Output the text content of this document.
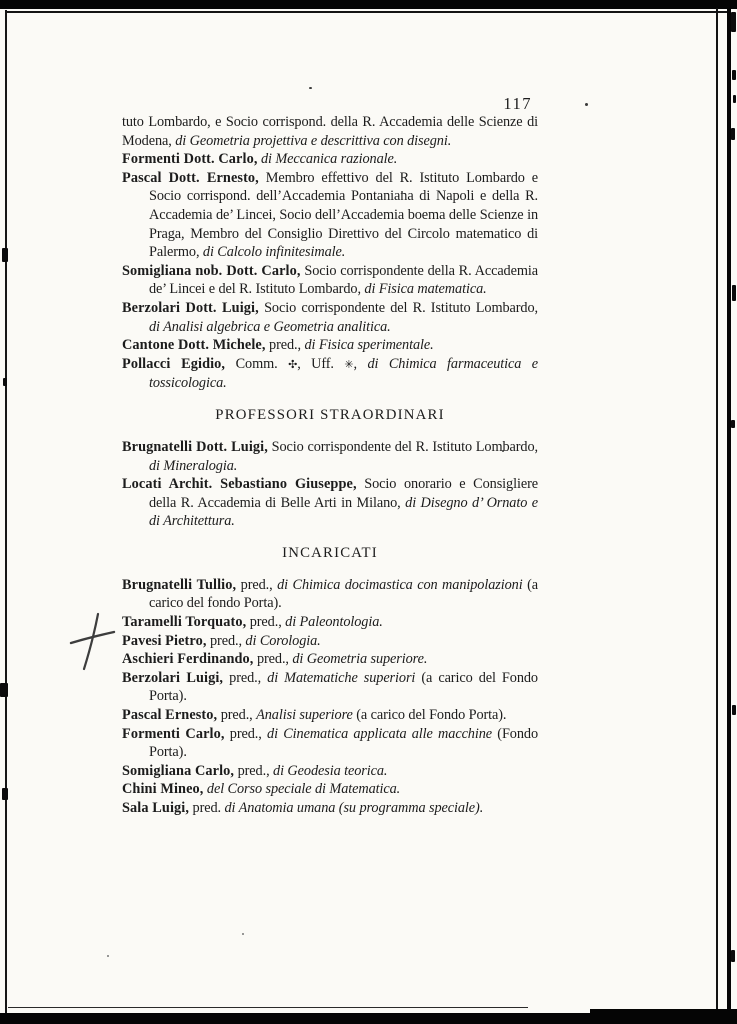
117

tuto Lombardo, e Socio corrispond. della R. Accademia delle Scienze di Modena, di Geometria projettiva e descrittiva con disegni.

Formenti Dott. Carlo, di Meccanica razionale.

Pascal Dott. Ernesto, Membro effettivo del R. Istituto Lombardo e Socio corrispond. dell’Accademia Pontaniana di Napoli e della R. Accademia de’ Lincei, Socio dell’Accademia boema delle Scienze in Praga, Membro del Consiglio Direttivo del Circolo matematico di Palermo, di Calcolo infinitesimale.

Somigliana nob. Dott. Carlo, Socio corrispondente della R. Accademia de’ Lincei e del R. Istituto Lombardo, di Fisica matematica.

Berzolari Dott. Luigi, Socio corrispondente del R. Istituto Lombardo, di Analisi algebrica e Geometria analitica.

Cantone Dott. Michele, pred., di Fisica sperimentale.

Pollacci Egidio, Comm. ✣, Uff. ✳, di Chimica farmaceutica e tossicologica.

PROFESSORI STRAORDINARI

Brugnatelli Dott. Luigi, Socio corrispondente del R. Istituto Lombardo, di Mineralogia.

Locati Archit. Sebastiano Giuseppe, Socio onorario e Consigliere della R. Accademia di Belle Arti in Milano, di Disegno d’ Ornato e di Architettura.

INCARICATI

Brugnatelli Tullio, pred., di Chimica docimastica con manipolazioni (a carico del fondo Porta).

Taramelli Torquato, pred., di Paleontologia.

Pavesi Pietro, pred., di Corologia.

Aschieri Ferdinando, pred., di Geometria superiore.

Berzolari Luigi, pred., di Matematiche superiori (a carico del Fondo Porta).

Pascal Ernesto, pred., Analisi superiore (a carico del Fondo Porta).

Formenti Carlo, pred., di Cinematica applicata alle macchine (Fondo Porta).

Somigliana Carlo, pred., di Geodesia teorica.

Chini Mineo, del Corso speciale di Matematica.

Sala Luigi, pred. di Anatomia umana (su programma speciale).
